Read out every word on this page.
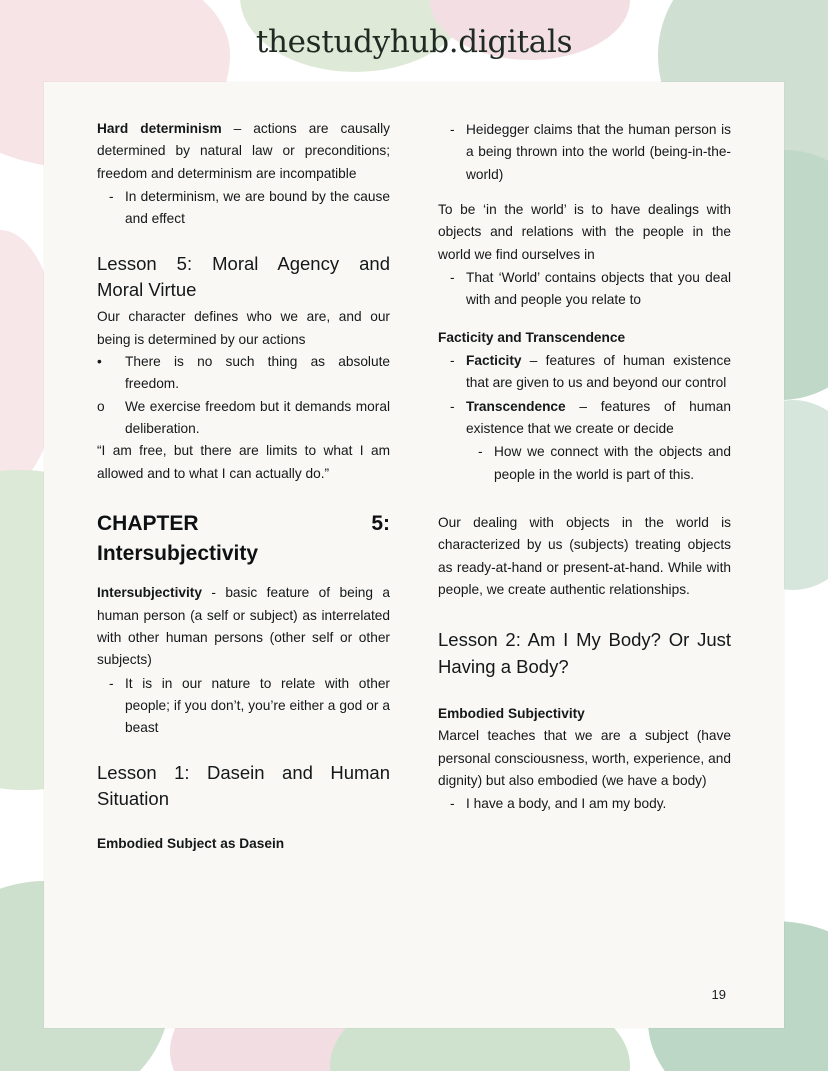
thestudyhub.digitals

Hard determinism – actions are causally determined by natural law or preconditions; freedom and determinism are incompatible

- In determinism, we are bound by the cause and effect
Lesson 5: Moral Agency and
Moral Virtue

Our character defines who we are, and our being is determined by our actions

•	There is no such thing as absolute freedom.
o	We exercise freedom but it demands moral deliberation.

“I am free, but there are limits to what I am allowed and to what I can actually do.”

CHAPTER	5:
Intersubjectivity

Intersubjectivity - basic feature of being a human person (a self or subject) as interrelated with other human persons (other self or other subjects)

- It is in our nature to relate with other people; if you don’t, you’re either a god or a beast
Lesson 1: Dasein and Human
Situation

Embodied Subject as Dasein

- Heidegger claims that the human person is a being thrown into the world (being-in-the-world)

To be ‘in the world’ is to have dealings with objects and relations with the people in the world we find ourselves in

- That ‘World’ contains objects that you deal with and people you relate to

Facticity and Transcendence

- Facticity – features of human existence that are given to us and beyond our control
- Transcendence – features of human existence that we create or decide
- How we connect with the objects and people in the world is part of this.

Our dealing with objects in the world is characterized by us (subjects) treating objects as ready-at-hand or present-at-hand. While with people, we create authentic relationships.

Lesson 2: Am I My Body? Or Just
Having a Body?

Embodied Subjectivity

Marcel teaches that we are a subject (have personal consciousness, worth, experience, and dignity) but also embodied (we have a body)

- I have a body, and I am my body.
19
